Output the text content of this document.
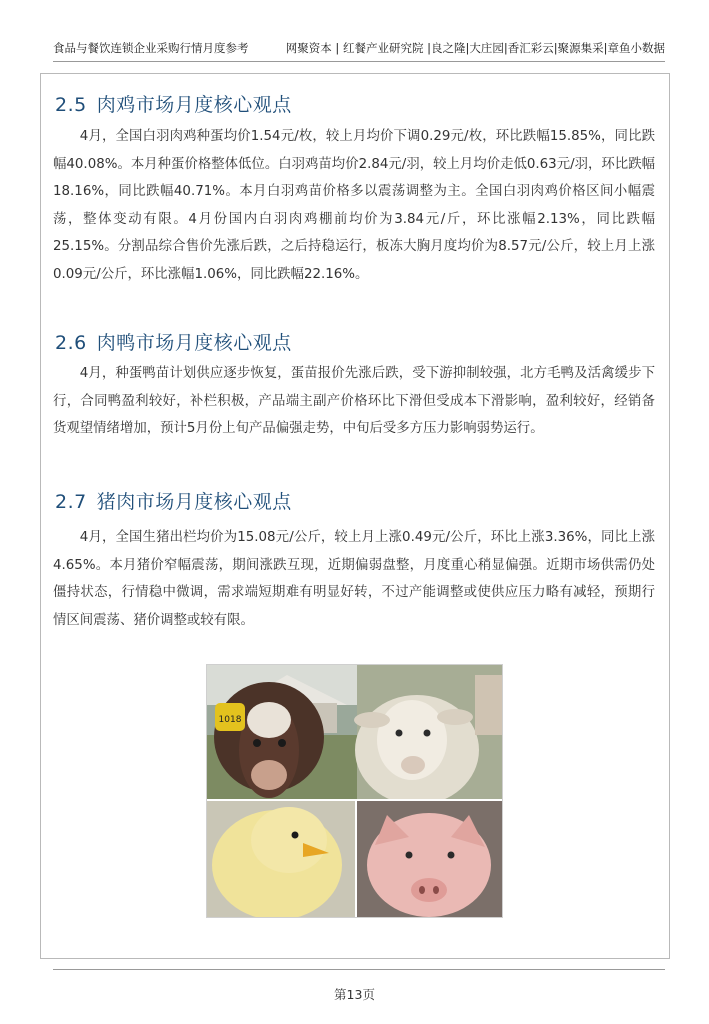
食品与餐饮连锁企业采购行情月度参考	网聚资本 | 红餐产业研究院 |良之隆|大庄园|香汇彩云|聚源集采|章鱼小数据
2.5 肉鸡市场月度核心观点

4月，全国白羽肉鸡种蛋均价1.54元/枚，较上月均价下调0.29元/枚，环比跌幅15.85%，同比跌幅40.08%。本月种蛋价格整体低位。白羽鸡苗均价2.84元/羽，较上月均价走低0.63元/羽，环比跌幅18.16%，同比跌幅40.71%。本月白羽鸡苗价格多以震荡调整为主。全国白羽肉鸡价格区间小幅震荡，整体变动有限。4月份国内白羽肉鸡棚前均价为3.84元/斤，环比涨幅2.13%，同比跌幅25.15%。分割品综合售价先涨后跌，之后持稳运行，板冻大胸月度均价为8.57元/公斤，较上月上涨0.09元/公斤，环比涨幅1.06%，同比跌幅22.16%。

2.6 肉鸭市场月度核心观点

4月，种蛋鸭苗计划供应逐步恢复，蛋苗报价先涨后跌，受下游抑制较强，北方毛鸭及活禽缓步下行，合同鸭盈利较好，补栏积极，产品端主副产价格环比下滑但受成本下滑影响，盈利较好，经销备货观望情绪增加，预计5月份上旬产品偏强走势，中旬后受多方压力影响弱势运行。

2.7 猪肉市场月度核心观点

4月，全国生猪出栏均价为15.08元/公斤，较上月上涨0.49元/公斤，环比上涨3.36%，同比上涨4.65%。本月猪价窄幅震荡，期间涨跌互现，近期偏弱盘整，月度重心稍显偏强。近期市场供需仍处僵持状态，行情稳中微调，需求端短期难有明显好转，不过产能调整或使供应压力略有减轻，预期行情区间震荡、猪价调整或较有限。

1018
第13页
